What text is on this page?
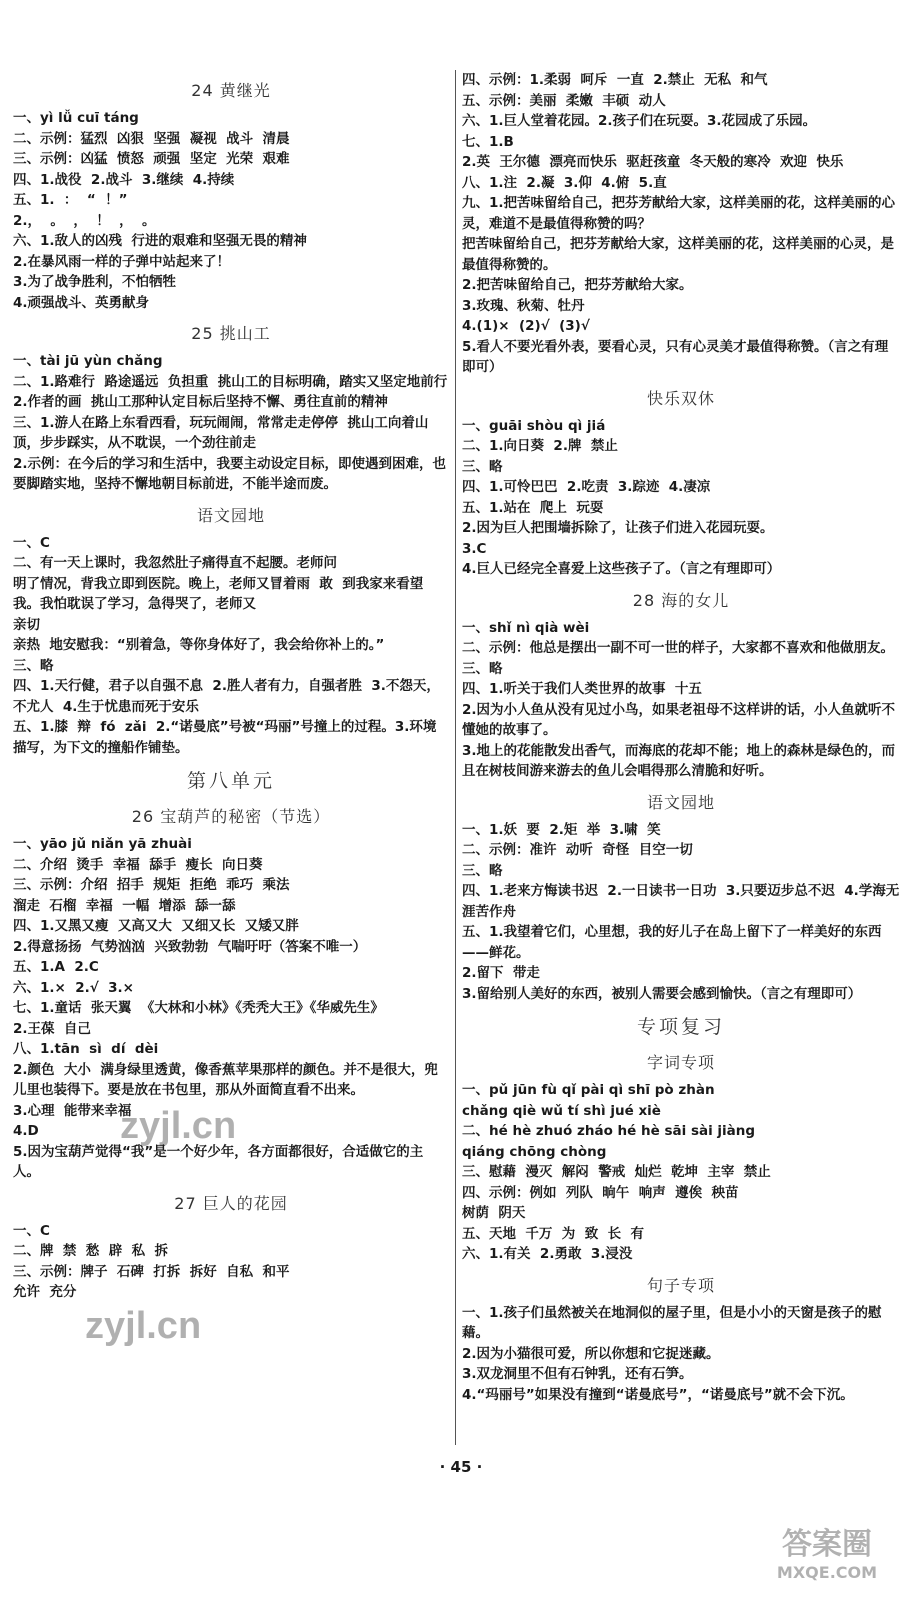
24 黄继光
一、yì lǚ cuī táng
二、示例：猛烈  凶狠  坚强  凝视  战斗  清晨
三、示例：凶猛  愤怒  顽强  坚定  光荣  艰难
四、1.战役  2.战斗  3.继续  4.持续
五、1.  ：  “  ！”
2.，  。  ，  ！  ，  。
六、1.敌人的凶残  行进的艰难和坚强无畏的精神
2.在暴风雨一样的子弹中站起来了！
3.为了战争胜利，不怕牺牲
4.顽强战斗、英勇献身
25 挑山工
一、tài jū yùn chǎng
二、1.路难行  路途遥远  负担重  挑山工的目标明确，踏实又坚定地前行
2.作者的画  挑山工那种认定目标后坚持不懈、勇往直前的精神
三、1.游人在路上东看西看，玩玩闹闹，常常走走停停  挑山工向着山顶，步步踩实，从不耽误，一个劲往前走
2.示例：在今后的学习和生活中，我要主动设定目标，即使遇到困难，也要脚踏实地，坚持不懈地朝目标前进，不能半途而废。
语文园地
一、C
二、有一天上课时，我忽然肚子痛得直不起腰。老师问
明了情况，背我立即到医院。晚上，老师又冒着雨  敢  到我家来看望我。我怕耽误了学习，急得哭了，老师又
亲切
亲热  地安慰我：“别着急，等你身体好了，我会给你补上的。”
三、略
四、1.天行健，君子以自强不息  2.胜人者有力，自强者胜  3.不怨天，不尤人  4.生于忧患而死于安乐
五、1.膝  辩  fó  zǎi  2.“诺曼底”号被“玛丽”号撞上的过程。3.环境描写，为下文的撞船作铺垫。
第八单元
26 宝葫芦的秘密（节选）
一、yāo jǔ niǎn yā zhuài
二、介绍  烫手  幸福  舔手  瘦长  向日葵
三、示例：介绍  招手  规矩  拒绝  乖巧  乘法
溜走  石榴  幸福  一幅  增添  舔一舔
四、1.又黑又瘦  又高又大  又细又长  又矮又胖
2.得意扬扬  气势汹汹  兴致勃勃  气喘吁吁（答案不唯一）
五、1.A  2.C
六、1.×  2.√  3.×
七、1.童话  张天翼  《大林和小林》《秃秃大王》《华威先生》
2.王葆  自己
八、1.tān  sì  dí  dèi
2.颜色  大小  满身绿里透黄，像香蕉苹果那样的颜色。并不是很大，兜儿里也装得下。要是放在书包里，那从外面简直看不出来。
3.心理  能带来幸福
4.D
5.因为宝葫芦觉得“我”是一个好少年，各方面都很好，合适做它的主人。
27 巨人的花园
一、C
二、牌  禁  愁  辟  私  拆
三、示例：牌子  石碑  打拆  拆好  自私  和平
允许  充分
四、示例：1.柔弱  呵斥  一直  2.禁止  无私  和气
五、示例：美丽  柔嫩  丰硕  动人
六、1.巨人堂着花园。2.孩子们在玩耍。3.花园成了乐园。
七、1.B
2.英  王尔德  漂亮而快乐  驱赶孩童  冬天般的寒冷  欢迎  快乐
八、1.注  2.凝  3.仰  4.俯  5.直
九、1.把苦味留给自己，把芬芳献给大家，这样美丽的花，这样美丽的心灵，难道不是最值得称赞的吗？
把苦味留给自己，把芬芳献给大家，这样美丽的花，这样美丽的心灵，是最值得称赞的。
2.把苦味留给自己，把芬芳献给大家。
3.玫瑰、秋菊、牡丹
4.(1)×  (2)√  (3)√
5.看人不要光看外表，要看心灵，只有心灵美才最值得称赞。（言之有理即可）
快乐双休
一、guāi shòu qì jiá
二、1.向日葵  2.牌  禁止
三、略
四、1.可怜巴巴  2.吃责  3.踪迹  4.凄凉
五、1.站在  爬上  玩耍
2.因为巨人把围墙拆除了，让孩子们进入花园玩耍。
3.C
4.巨人已经完全喜爱上这些孩子了。（言之有理即可）
28 海的女儿
一、shǐ nì qià wèi
二、示例：他总是摆出一副不可一世的样子，大家都不喜欢和他做朋友。
三、略
四、1.听关于我们人类世界的故事  十五
2.因为小人鱼从没有见过小鸟，如果老祖母不这样讲的话，小人鱼就听不懂她的故事了。
3.地上的花能散发出香气，而海底的花却不能；地上的森林是绿色的，而且在树枝间游来游去的鱼儿会唱得那么清脆和好听。
语文园地
一、1.妖  要  2.矩  举  3.啸  笑
二、示例：准许  动听  奇怪  目空一切
三、略
四、1.老来方悔读书迟  2.一日读书一日功  3.只要迈步总不迟  4.学海无涯苦作舟
五、1.我望着它们，心里想，我的好儿子在岛上留下了一样美好的东西——鲜花。
2.留下  带走
3.留给别人美好的东西，被别人需要会感到愉快。（言之有理即可）
专项复习
字词专项
一、pǔ jūn fù qǐ pài qì shī pò zhàn
chǎng qiè wǔ tí shì jué xiè
二、hé hè zhuó zháo hé hè sāi sài jiàng
qiáng chōng chòng
三、慰藉  漫灭  解闷  警戒  灿烂  乾坤  主宰  禁止
四、示例：例如  列队  晌午  响声  遵俟  秧苗
树荫  阴天
五、天地  千万  为  致  长  有
六、1.有关  2.勇敢  3.浸没
句子专项
一、1.孩子们虽然被关在地洞似的屋子里，但是小小的天窗是孩子的慰藉。
2.因为小猫很可爱，所以你想和它捉迷藏。
3.双龙洞里不但有石钟乳，还有石笋。
4.“玛丽号”如果没有撞到“诺曼底号”，“诺曼底号”就不会下沉。
· 45 ·
zyjl.cn
zyjl.cn
答案圈
MXQE.COM
